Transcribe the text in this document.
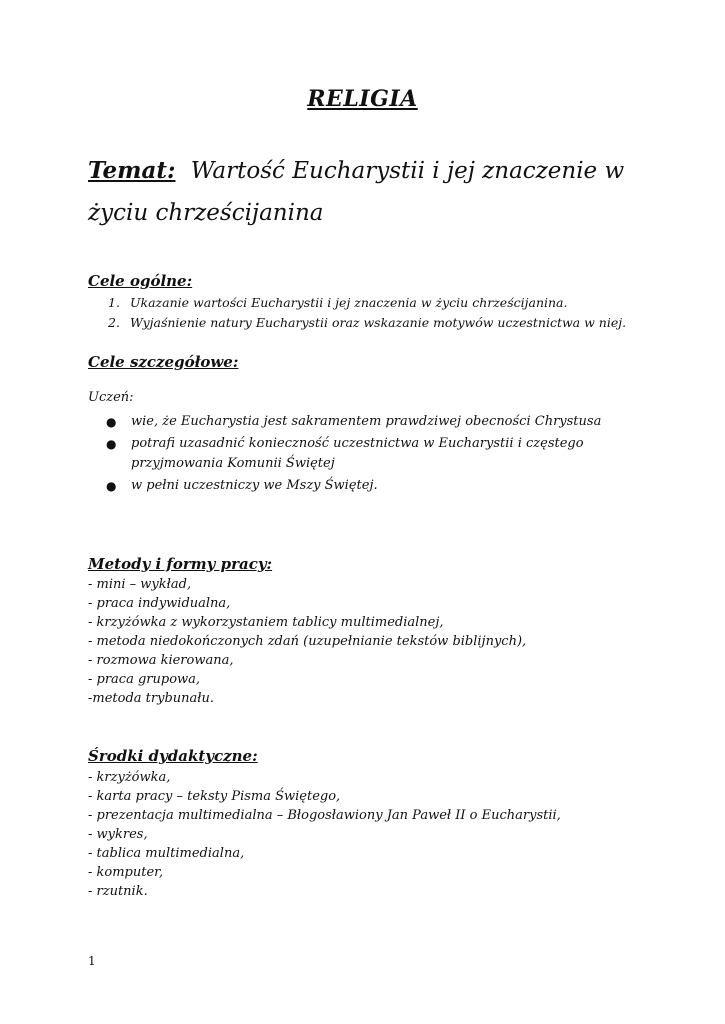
RELIGIA
Temat: Wartość Eucharystii i jej znaczenie w życiu chrześcijanina
Cele ogólne:
1. Ukazanie wartości Eucharystii i jej znaczenia w życiu chrześcijanina.
2. Wyjaśnienie natury Eucharystii oraz wskazanie motywów uczestnictwa w niej.
Cele szczegółowe:
Uczeń:
● wie, że Eucharystia jest sakramentem prawdziwej obecności Chrystusa
● potrafi uzasadnić konieczność uczestnictwa w Eucharystii i częstego przyjmowania Komunii Świętej
● w pełni uczestniczy we Mszy Świętej.
Metody i formy pracy:
- mini – wykład,
- praca indywidualna,
- krzyżówka z wykorzystaniem tablicy multimedialnej,
- metoda niedokończonych zdań (uzupełnianie tekstów biblijnych),
- rozmowa kierowana,
- praca grupowa,
-metoda trybunału.
Środki dydaktyczne:
- krzyżówka,
- karta pracy – teksty Pisma Świętego,
- prezentacja multimedialna – Błogosławiony Jan Paweł II o Eucharystii,
- wykres,
- tablica multimedialna,
- komputer,
- rzutnik.
1
